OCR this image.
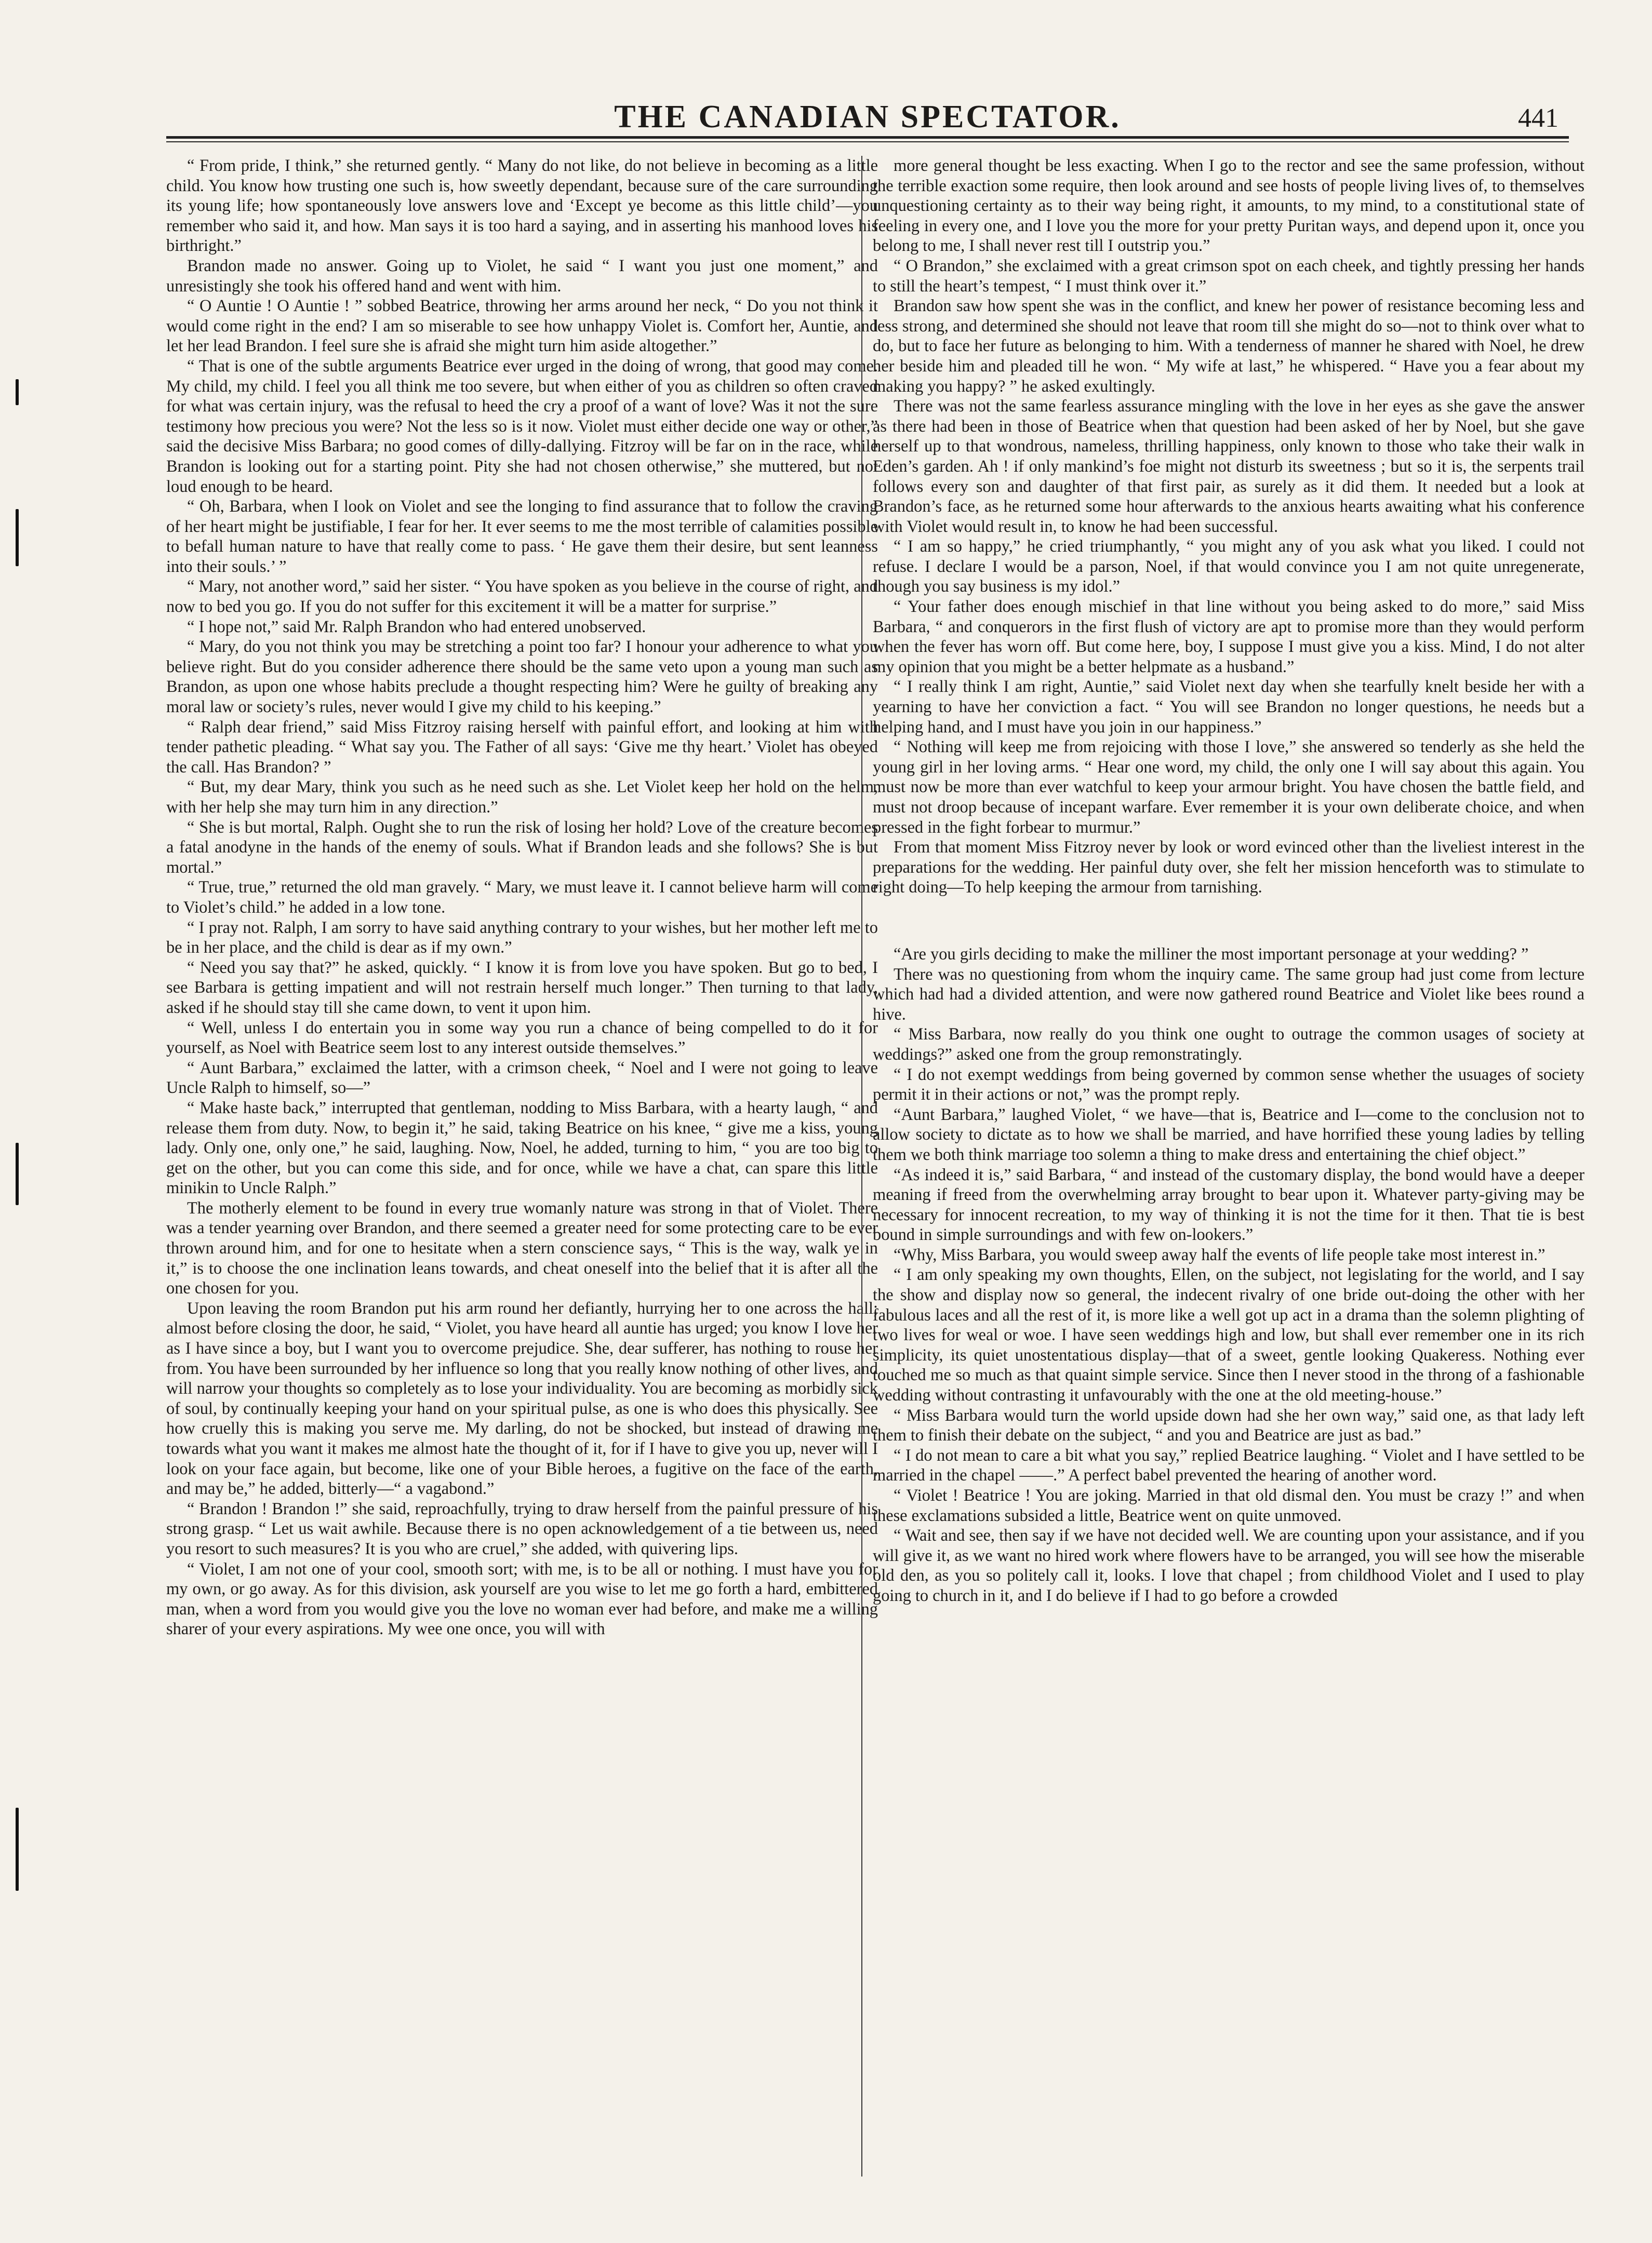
THE CANADIAN SPECTATOR.	441

“ From pride, I think,” she returned gently. “ Many do not like, do not believe in becoming as a little child. You know how trusting one such is, how sweetly dependant, because sure of the care surrounding its young life; how spontaneously love answers love and ‘Except ye become as this little child’—you remember who said it, and how. Man says it is too hard a saying, and in asserting his manhood loves his birthright.”

Brandon made no answer. Going up to Violet, he said “ I want you just one moment,” and unresistingly she took his offered hand and went with him.

“ O Auntie ! O Auntie ! ” sobbed Beatrice, throwing her arms around her neck, “ Do you not think it would come right in the end? I am so miserable to see how unhappy Violet is. Comfort her, Auntie, and let her lead Brandon. I feel sure she is afraid she might turn him aside altogether.”

“ That is one of the subtle arguments Beatrice ever urged in the doing of wrong, that good may come. My child, my child. I feel you all think me too severe, but when either of you as children so often craved for what was certain injury, was the refusal to heed the cry a proof of a want of love? Was it not the sure testimony how precious you were? Not the less so is it now. Violet must either decide one way or other,” said the decisive Miss Barbara; no good comes of dilly-dallying. Fitzroy will be far on in the race, while Brandon is looking out for a starting point. Pity she had not chosen otherwise,” she muttered, but not loud enough to be heard.

“ Oh, Barbara, when I look on Violet and see the longing to find assurance that to follow the craving of her heart might be justifiable, I fear for her. It ever seems to me the most terrible of calamities possible to befall human nature to have that really come to pass. ‘ He gave them their desire, but sent leanness into their souls.’ ”

“ Mary, not another word,” said her sister. “ You have spoken as you believe in the course of right, and now to bed you go. If you do not suffer for this excitement it will be a matter for surprise.”

“ I hope not,” said Mr. Ralph Brandon who had entered unobserved.

“ Mary, do you not think you may be stretching a point too far? I honour your adherence to what you believe right. But do you consider adherence there should be the same veto upon a young man such as Brandon, as upon one whose habits preclude a thought respecting him? Were he guilty of breaking any moral law or society’s rules, never would I give my child to his keeping.”

“ Ralph dear friend,” said Miss Fitzroy raising herself with painful effort, and looking at him with tender pathetic pleading. “ What say you. The Father of all says: ‘Give me thy heart.’ Violet has obeyed the call. Has Brandon? ”

“ But, my dear Mary, think you such as he need such as she. Let Violet keep her hold on the helm, with her help she may turn him in any direction.”

“ She is but mortal, Ralph. Ought she to run the risk of losing her hold? Love of the creature becomes a fatal anodyne in the hands of the enemy of souls. What if Brandon leads and she follows? She is but mortal.”

“ True, true,” returned the old man gravely. “ Mary, we must leave it. I cannot believe harm will come to Violet’s child.” he added in a low tone.

“ I pray not. Ralph, I am sorry to have said anything contrary to your wishes, but her mother left me to be in her place, and the child is dear as if my own.”

“ Need you say that?” he asked, quickly. “ I know it is from love you have spoken. But go to bed, I see Barbara is getting impatient and will not restrain herself much longer.” Then turning to that lady, asked if he should stay till she came down, to vent it upon him.

“ Well, unless I do entertain you in some way you run a chance of being compelled to do it for yourself, as Noel with Beatrice seem lost to any interest outside themselves.”

“ Aunt Barbara,” exclaimed the latter, with a crimson cheek, “ Noel and I were not going to leave Uncle Ralph to himself, so—”

“ Make haste back,” interrupted that gentleman, nodding to Miss Barbara, with a hearty laugh, “ and release them from duty. Now, to begin it,” he said, taking Beatrice on his knee, “ give me a kiss, young lady. Only one, only one,” he said, laughing. Now, Noel, he added, turning to him, “ you are too big to get on the other, but you can come this side, and for once, while we have a chat, can spare this little minikin to Uncle Ralph.”

The motherly element to be found in every true womanly nature was strong in that of Violet. There was a tender yearning over Brandon, and there seemed a greater need for some protecting care to be ever thrown around him, and for one to hesitate when a stern conscience says, “ This is the way, walk ye in it,” is to choose the one inclination leans towards, and cheat oneself into the belief that it is after all the one chosen for you.

Upon leaving the room Brandon put his arm round her defiantly, hurrying her to one across the hall; almost before closing the door, he said, “ Violet, you have heard all auntie has urged; you know I love her as I have since a boy, but I want you to overcome prejudice. She, dear sufferer, has nothing to rouse her from. You have been surrounded by her influence so long that you really know nothing of other lives, and will narrow your thoughts so completely as to lose your individuality. You are becoming as morbidly sick of soul, by continually keeping your hand on your spiritual pulse, as one is who does this physically. See how cruelly this is making you serve me. My darling, do not be shocked, but instead of drawing me towards what you want it makes me almost hate the thought of it, for if I have to give you up, never will I look on your face again, but become, like one of your Bible heroes, a fugitive on the face of the earth, and may be,” he added, bitterly—“ a vagabond.”

“ Brandon ! Brandon !” she said, reproachfully, trying to draw herself from the painful pressure of his strong grasp. “ Let us wait awhile. Because there is no open acknowledgement of a tie between us, need you resort to such measures? It is you who are cruel,” she added, with quivering lips.

“ Violet, I am not one of your cool, smooth sort; with me, is to be all or nothing. I must have you for my own, or go away. As for this division, ask yourself are you wise to let me go forth a hard, embittered man, when a word from you would give you the love no woman ever had before, and make me a willing sharer of your every aspirations. My wee one once, you will with

more general thought be less exacting. When I go to the rector and see the same profession, without the terrible exaction some require, then look around and see hosts of people living lives of, to themselves unquestioning certainty as to their way being right, it amounts, to my mind, to a constitutional state of feeling in every one, and I love you the more for your pretty Puritan ways, and depend upon it, once you belong to me, I shall never rest till I outstrip you.”

“ O Brandon,” she exclaimed with a great crimson spot on each cheek, and tightly pressing her hands to still the heart’s tempest, “ I must think over it.”

Brandon saw how spent she was in the conflict, and knew her power of resistance becoming less and less strong, and determined she should not leave that room till she might do so—not to think over what to do, but to face her future as belonging to him. With a tenderness of manner he shared with Noel, he drew her beside him and pleaded till he won. “ My wife at last,” he whispered. “ Have you a fear about my making you happy? ” he asked exultingly.

There was not the same fearless assurance mingling with the love in her eyes as she gave the answer as there had been in those of Beatrice when that question had been asked of her by Noel, but she gave herself up to that wondrous, nameless, thrilling happiness, only known to those who take their walk in Eden’s garden. Ah ! if only mankind’s foe might not disturb its sweetness ; but so it is, the serpents trail follows every son and daughter of that first pair, as surely as it did them. It needed but a look at Brandon’s face, as he returned some hour afterwards to the anxious hearts awaiting what his conference with Violet would result in, to know he had been successful.

“ I am so happy,” he cried triumphantly, “ you might any of you ask what you liked. I could not refuse. I declare I would be a parson, Noel, if that would convince you I am not quite unregenerate, though you say business is my idol.”

“ Your father does enough mischief in that line without you being asked to do more,” said Miss Barbara, “ and conquerors in the first flush of victory are apt to promise more than they would perform when the fever has worn off. But come here, boy, I suppose I must give you a kiss. Mind, I do not alter my opinion that you might be a better helpmate as a husband.”

“ I really think I am right, Auntie,” said Violet next day when she tearfully knelt beside her with a yearning to have her conviction a fact. “ You will see Brandon no longer questions, he needs but a helping hand, and I must have you join in our happiness.”

“ Nothing will keep me from rejoicing with those I love,” she answered so tenderly as she held the young girl in her loving arms. “ Hear one word, my child, the only one I will say about this again. You must now be more than ever watchful to keep your armour bright. You have chosen the battle field, and must not droop because of incepant warfare. Ever remember it is your own deliberate choice, and when pressed in the fight forbear to murmur.”

From that moment Miss Fitzroy never by look or word evinced other than the liveliest interest in the preparations for the wedding. Her painful duty over, she felt her mission henceforth was to stimulate to right doing—To help keeping the armour from tarnishing.

“Are you girls deciding to make the milliner the most important personage at your wedding? ”

There was no questioning from whom the inquiry came. The same group had just come from lecture which had had a divided attention, and were now gathered round Beatrice and Violet like bees round a hive.

“ Miss Barbara, now really do you think one ought to outrage the common usages of society at weddings?” asked one from the group remonstratingly.

“ I do not exempt weddings from being governed by common sense whether the usuages of society permit it in their actions or not,” was the prompt reply.

“Aunt Barbara,” laughed Violet, “ we have—that is, Beatrice and I—come to the conclusion not to allow society to dictate as to how we shall be married, and have horrified these young ladies by telling them we both think marriage too solemn a thing to make dress and entertaining the chief object.”

“As indeed it is,” said Barbara, “ and instead of the customary display, the bond would have a deeper meaning if freed from the overwhelming array brought to bear upon it. Whatever party-giving may be necessary for innocent recreation, to my way of thinking it is not the time for it then. That tie is best bound in simple surroundings and with few on-lookers.”

“Why, Miss Barbara, you would sweep away half the events of life people take most interest in.”

“ I am only speaking my own thoughts, Ellen, on the subject, not legislating for the world, and I say the show and display now so general, the indecent rivalry of one bride out-doing the other with her fabulous laces and all the rest of it, is more like a well got up act in a drama than the solemn plighting of two lives for weal or woe. I have seen weddings high and low, but shall ever remember one in its rich simplicity, its quiet unostentatious display—that of a sweet, gentle looking Quakeress. Nothing ever touched me so much as that quaint simple service. Since then I never stood in the throng of a fashionable wedding without contrasting it unfavourably with the one at the old meeting-house.”

“ Miss Barbara would turn the world upside down had she her own way,” said one, as that lady left them to finish their debate on the subject, “ and you and Beatrice are just as bad.”

“ I do not mean to care a bit what you say,” replied Beatrice laughing. “ Violet and I have settled to be married in the chapel ——.” A perfect babel prevented the hearing of another word.

“ Violet ! Beatrice ! You are joking. Married in that old dismal den. You must be crazy !” and when these exclamations subsided a little, Beatrice went on quite unmoved.

“ Wait and see, then say if we have not decided well. We are counting upon your assistance, and if you will give it, as we want no hired work where flowers have to be arranged, you will see how the miserable old den, as you so politely call it, looks. I love that chapel ; from childhood Violet and I used to play going to church in it, and I do believe if I had to go before a crowded
